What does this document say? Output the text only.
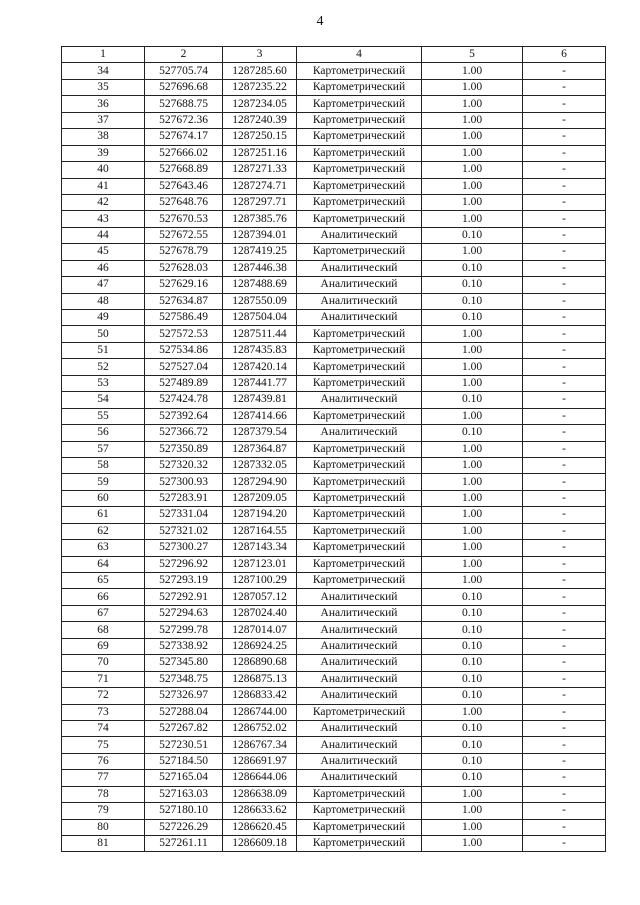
4
1	2	3	4	5	6
34	527705.74	1287285.60	Картометрический	1.00	-
35	527696.68	1287235.22	Картометрический	1.00	-
36	527688.75	1287234.05	Картометрический	1.00	-
37	527672.36	1287240.39	Картометрический	1.00	-
38	527674.17	1287250.15	Картометрический	1.00	-
39	527666.02	1287251.16	Картометрический	1.00	-
40	527668.89	1287271.33	Картометрический	1.00	-
41	527643.46	1287274.71	Картометрический	1.00	-
42	527648.76	1287297.71	Картометрический	1.00	-
43	527670.53	1287385.76	Картометрический	1.00	-
44	527672.55	1287394.01	Аналитический	0.10	-
45	527678.79	1287419.25	Картометрический	1.00	-
46	527628.03	1287446.38	Аналитический	0.10	-
47	527629.16	1287488.69	Аналитический	0.10	-
48	527634.87	1287550.09	Аналитический	0.10	-
49	527586.49	1287504.04	Аналитический	0.10	-
50	527572.53	1287511.44	Картометрический	1.00	-
51	527534.86	1287435.83	Картометрический	1.00	-
52	527527.04	1287420.14	Картометрический	1.00	-
53	527489.89	1287441.77	Картометрический	1.00	-
54	527424.78	1287439.81	Аналитический	0.10	-
55	527392.64	1287414.66	Картометрический	1.00	-
56	527366.72	1287379.54	Аналитический	0.10	-
57	527350.89	1287364.87	Картометрический	1.00	-
58	527320.32	1287332.05	Картометрический	1.00	-
59	527300.93	1287294.90	Картометрический	1.00	-
60	527283.91	1287209.05	Картометрический	1.00	-
61	527331.04	1287194.20	Картометрический	1.00	-
62	527321.02	1287164.55	Картометрический	1.00	-
63	527300.27	1287143.34	Картометрический	1.00	-
64	527296.92	1287123.01	Картометрический	1.00	-
65	527293.19	1287100.29	Картометрический	1.00	-
66	527292.91	1287057.12	Аналитический	0.10	-
67	527294.63	1287024.40	Аналитический	0.10	-
68	527299.78	1287014.07	Аналитический	0.10	-
69	527338.92	1286924.25	Аналитический	0.10	-
70	527345.80	1286890.68	Аналитический	0.10	-
71	527348.75	1286875.13	Аналитический	0.10	-
72	527326.97	1286833.42	Аналитический	0.10	-
73	527288.04	1286744.00	Картометрический	1.00	-
74	527267.82	1286752.02	Аналитический	0.10	-
75	527230.51	1286767.34	Аналитический	0.10	-
76	527184.50	1286691.97	Аналитический	0.10	-
77	527165.04	1286644.06	Аналитический	0.10	-
78	527163.03	1286638.09	Картометрический	1.00	-
79	527180.10	1286633.62	Картометрический	1.00	-
80	527226.29	1286620.45	Картометрический	1.00	-
81	527261.11	1286609.18	Картометрический	1.00	-
